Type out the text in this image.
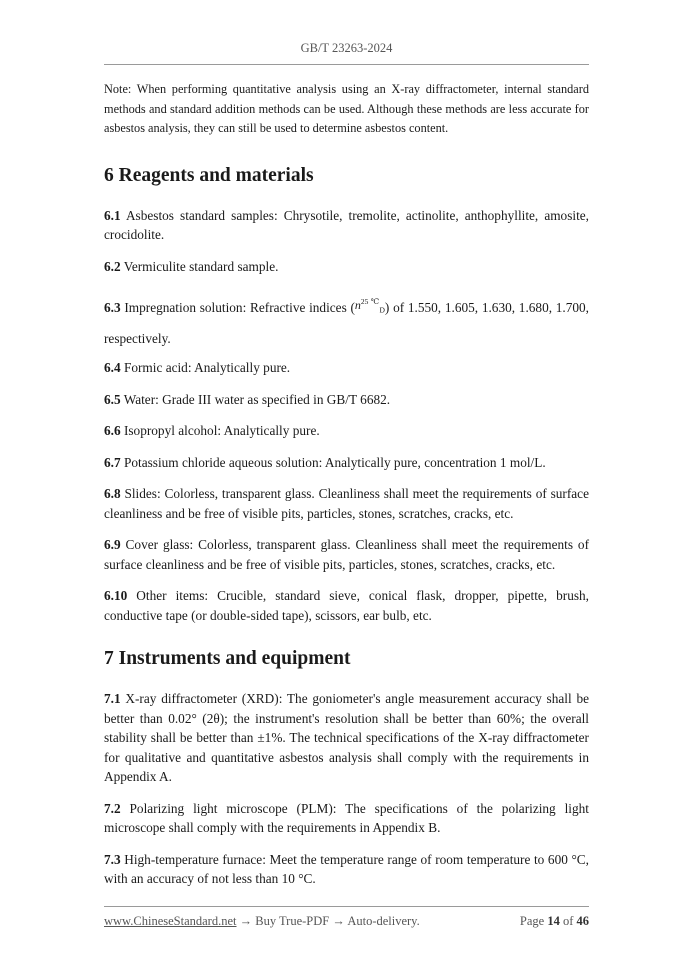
GB/T 23263-2024

Note: When performing quantitative analysis using an X-ray diffractometer, internal standard methods and standard addition methods can be used. Although these methods are less accurate for asbestos analysis, they can still be used to determine asbestos content.

6 Reagents and materials

6.1 Asbestos standard samples: Chrysotile, tremolite, actinolite, anthophyllite, amosite, crocidolite.

6.2 Vermiculite standard sample.

6.3 Impregnation solution: Refractive indices $(n^{25 ℃}_D)$ of 1.550, 1.605, 1.630, 1.680, 1.700, respectively.

6.4 Formic acid: Analytically pure.

6.5 Water: Grade III water as specified in GB/T 6682.

6.6 Isopropyl alcohol: Analytically pure.

6.7 Potassium chloride aqueous solution: Analytically pure, concentration 1 mol/L.

6.8 Slides: Colorless, transparent glass. Cleanliness shall meet the requirements of surface cleanliness and be free of visible pits, particles, stones, scratches, cracks, etc.

6.9 Cover glass: Colorless, transparent glass. Cleanliness shall meet the requirements of surface cleanliness and be free of visible pits, particles, stones, scratches, cracks, etc.

6.10 Other items: Crucible, standard sieve, conical flask, dropper, pipette, brush, conductive tape (or double-sided tape), scissors, ear bulb, etc.

7 Instruments and equipment

7.1 X-ray diffractometer (XRD): The goniometer's angle measurement accuracy shall be better than 0.02° (2θ); the instrument's resolution shall be better than 60%; the overall stability shall be better than ±1%. The technical specifications of the X-ray diffractometer for qualitative and quantitative asbestos analysis shall comply with the requirements in Appendix A.

7.2 Polarizing light microscope (PLM): The specifications of the polarizing light microscope shall comply with the requirements in Appendix B.

7.3 High-temperature furnace: Meet the temperature range of room temperature to 600 °C, with an accuracy of not less than 10 °C.

www.ChineseStandard.net → Buy True-PDF → Auto-delivery.	Page 14 of 46
